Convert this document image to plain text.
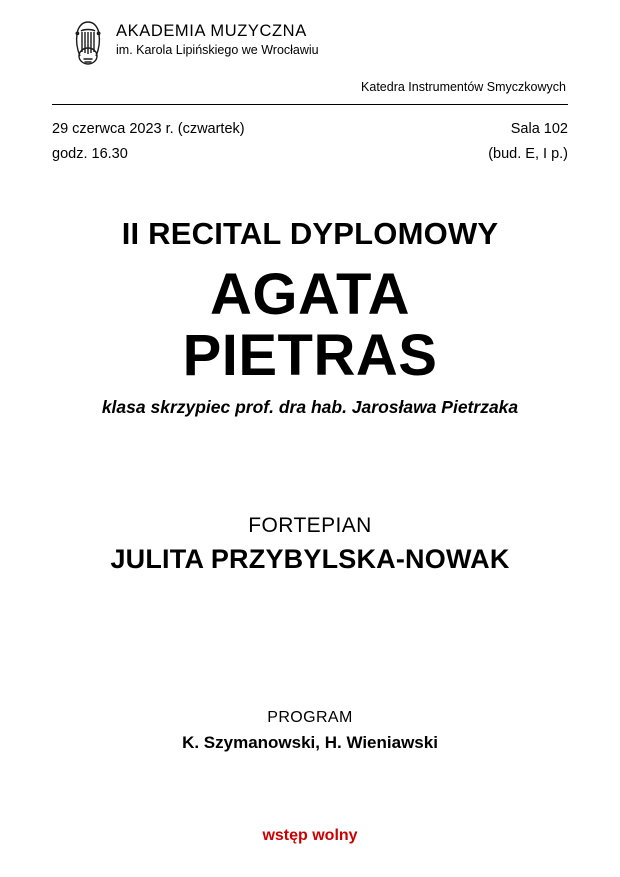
AKADEMIA MUZYCZNA
im. Karola Lipińskiego we Wrocławiu
Katedra Instrumentów Smyczkowych
29 czerwca 2023 r. (czwartek)
godz. 16.30
Sala 102
(bud. E, I p.)
II RECITAL DYPLOMOWY
AGATA
PIETRAS
klasa skrzypiec prof. dra hab. Jarosława Pietrzaka
FORTEPIAN
JULITA PRZYBYLSKA-NOWAK
PROGRAM
K. Szymanowski, H. Wieniawski
wstęp wolny
